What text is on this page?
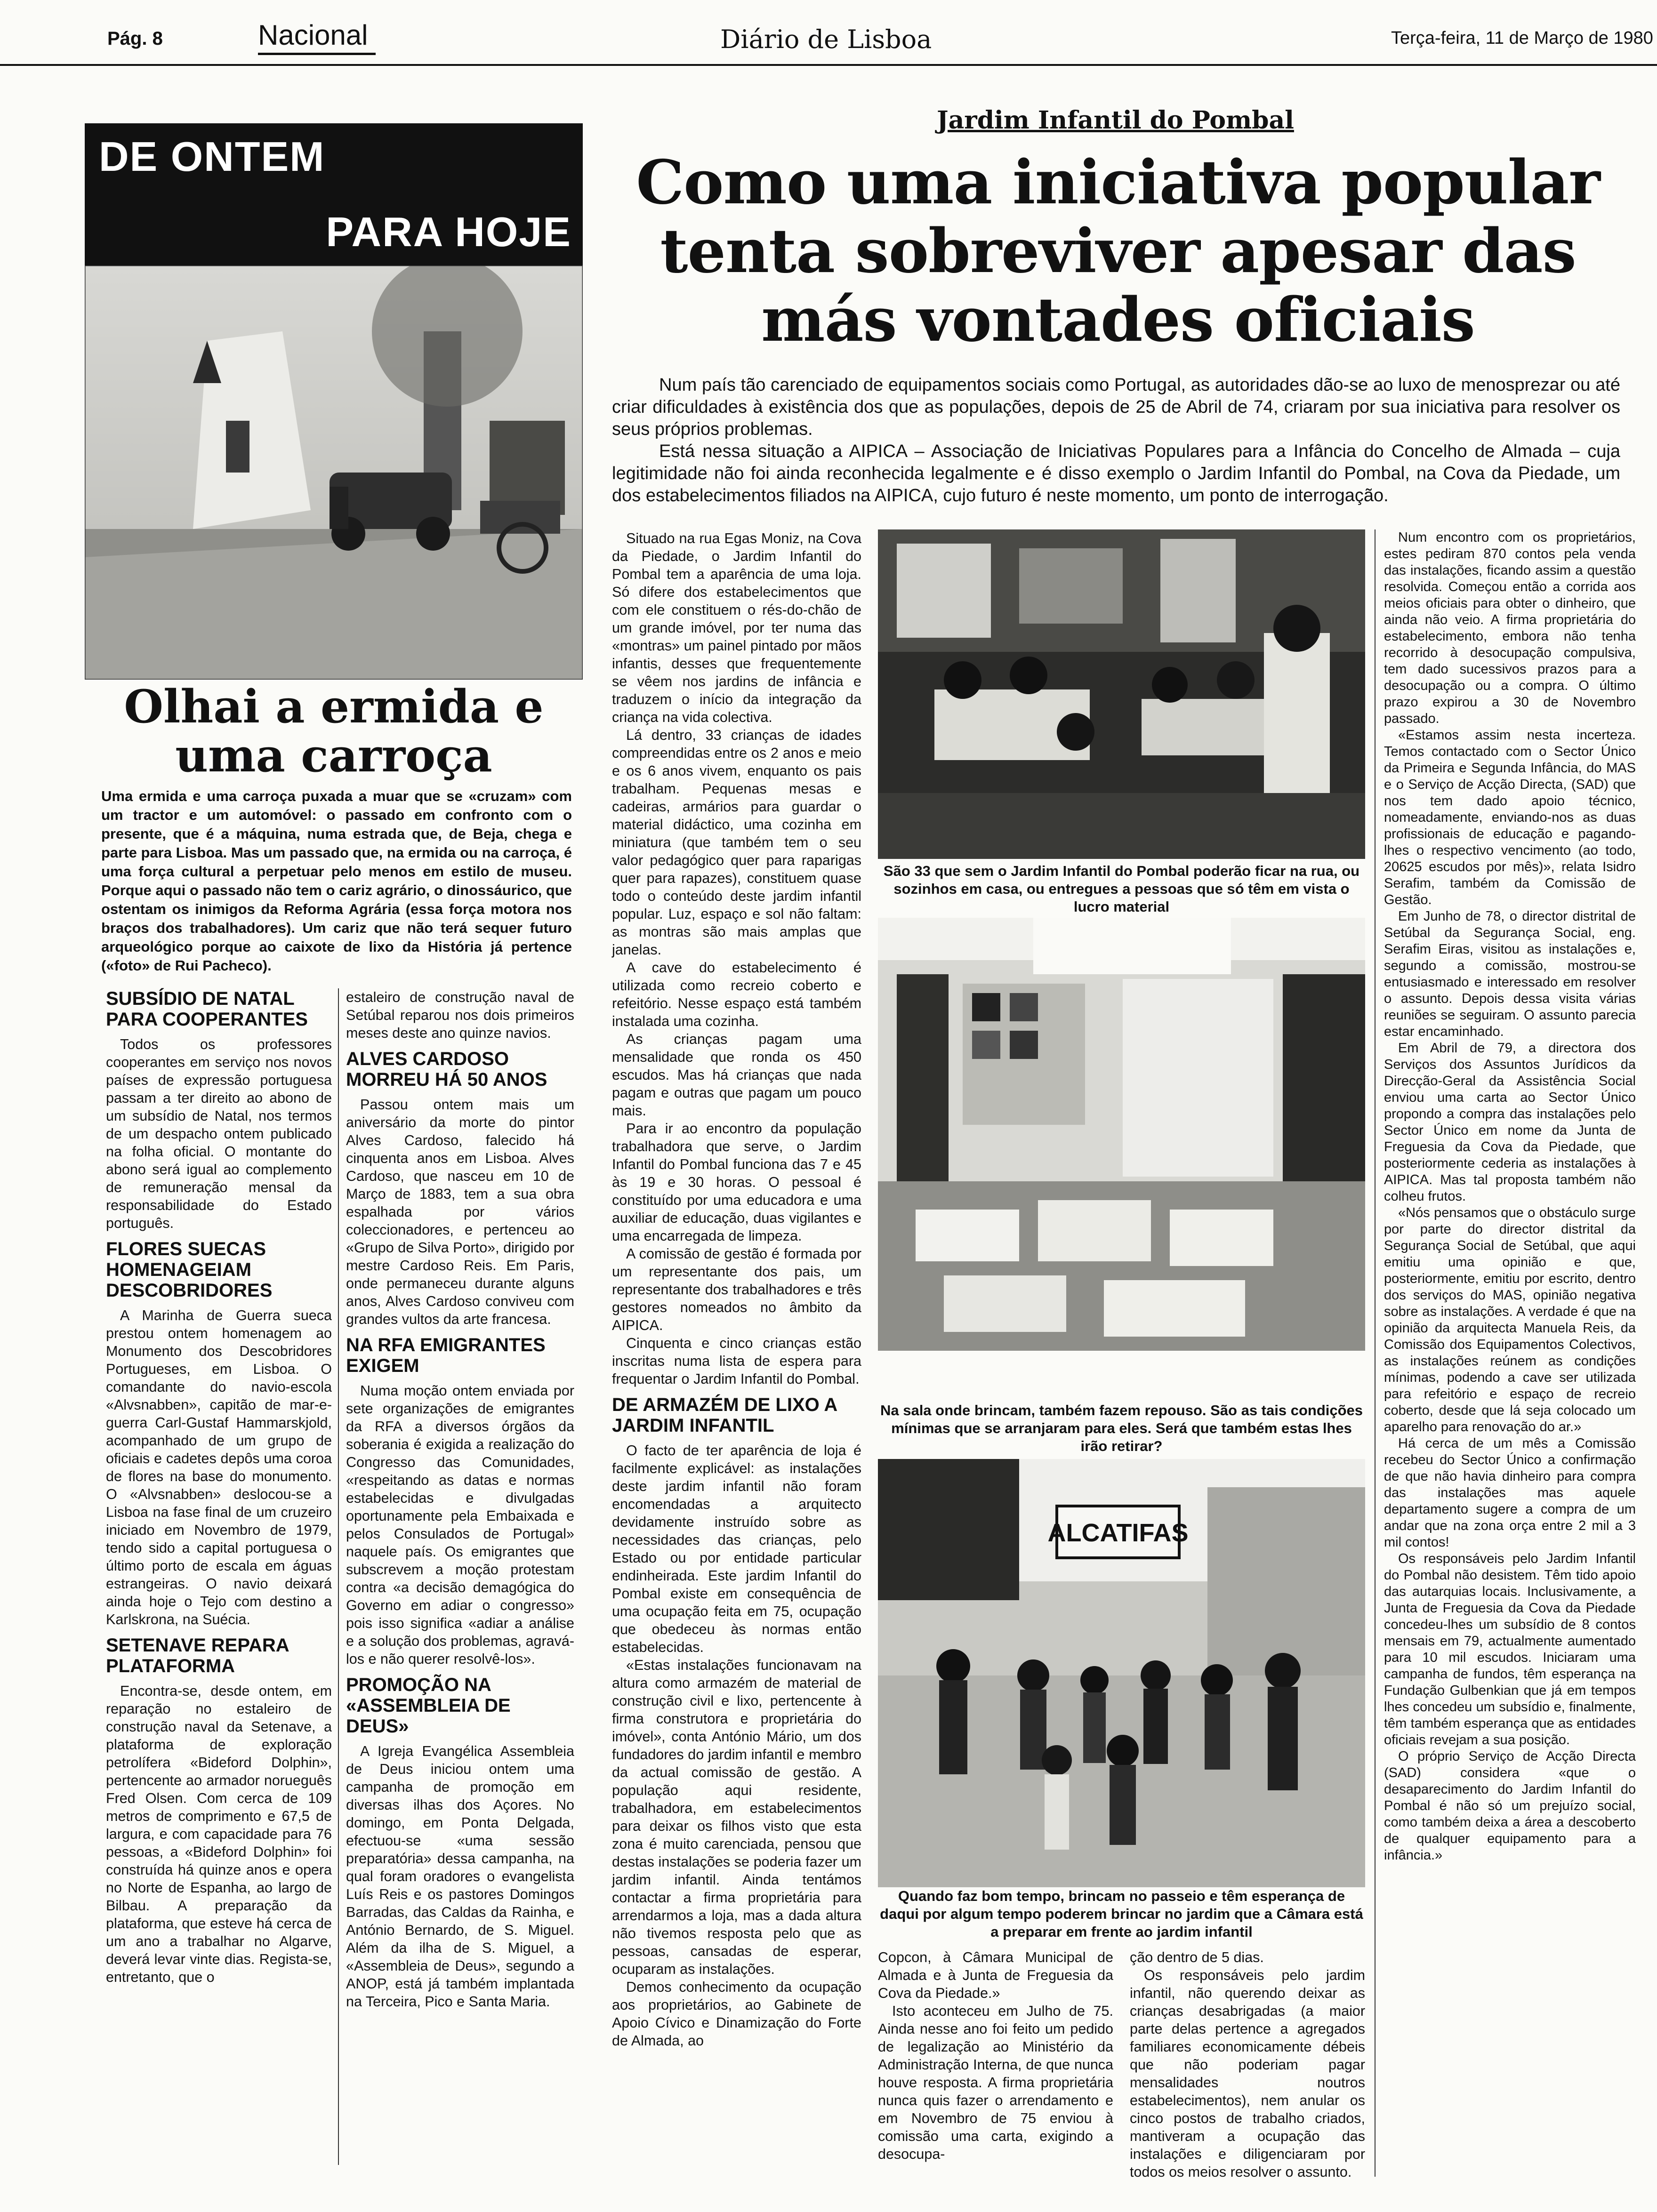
Pág. 8	Nacional	Diário de Lisboa	Terça-feira, 11 de Março de 1980
DE ONTEM
PARA HOJE
Olhai a ermida e uma carroça
Uma ermida e uma carroça puxada a muar que se «cruzam» com um tractor e um automóvel: o passado em confronto com o presente, que é a máquina, numa estrada que, de Beja, chega e parte para Lisboa. Mas um passado que, na ermida ou na carroça, é uma força cultural a perpetuar pelo menos em estilo de museu. Porque aqui o passado não tem o cariz agrário, o dinossáurico, que ostentam os inimigos da Reforma Agrária (essa força motora nos braços dos trabalhadores). Um cariz que não terá sequer futuro arqueológico porque ao caixote de lixo da História já pertence («foto» de Rui Pacheco).
SUBSÍDIO DE NATAL PARA COOPERANTES

Todos os professores cooperantes em serviço nos novos países de expressão portuguesa passam a ter direito ao abono de um subsídio de Natal, nos termos de um despacho ontem publicado na folha oficial. O montante do abono será igual ao complemento de remuneração mensal da responsabilidade do Estado português.

FLORES SUECAS HOMENAGEIAM DESCOBRIDORES

A Marinha de Guerra sueca prestou ontem homenagem ao Monumento dos Descobridores Portugueses, em Lisboa. O comandante do navio-escola «Alvsnabben», capitão de mar-e-guerra Carl-Gustaf Hammarskjold, acompanhado de um grupo de oficiais e cadetes depôs uma coroa de flores na base do monumento. O «Alvsnabben» deslocou-se a Lisboa na fase final de um cruzeiro iniciado em Novembro de 1979, tendo sido a capital portuguesa o último porto de escala em águas estrangeiras. O navio deixará ainda hoje o Tejo com destino a Karlskrona, na Suécia.

SETENAVE REPARA PLATAFORMA

Encontra-se, desde ontem, em reparação no estaleiro de construção naval da Setenave, a plataforma de exploração petrolífera «Bideford Dolphin», pertencente ao armador norueguês Fred Olsen. Com cerca de 109 metros de comprimento e 67,5 de largura, e com capacidade para 76 pessoas, a «Bideford Dolphin» foi construída há quinze anos e opera no Norte de Espanha, ao largo de Bilbau. A preparação da plataforma, que esteve há cerca de um ano a trabalhar no Algarve, deverá levar vinte dias. Regista-se, entretanto, que o

estaleiro de construção naval de Setúbal reparou nos dois primeiros meses deste ano quinze navios.

ALVES CARDOSO MORREU HÁ 50 ANOS

Passou ontem mais um aniversário da morte do pintor Alves Cardoso, falecido há cinquenta anos em Lisboa. Alves Cardoso, que nasceu em 10 de Março de 1883, tem a sua obra espalhada por vários coleccionadores, e pertenceu ao «Grupo de Silva Porto», dirigido por mestre Cardoso Reis. Em Paris, onde permaneceu durante alguns anos, Alves Cardoso conviveu com grandes vultos da arte francesa.

NA RFA EMIGRANTES EXIGEM

Numa moção ontem enviada por sete organizações de emigrantes da RFA a diversos órgãos da soberania é exigida a realização do Congresso das Comunidades, «respeitando as datas e normas estabelecidas e divulgadas oportunamente pela Embaixada e pelos Consulados de Portugal» naquele país. Os emigrantes que subscrevem a moção protestam contra «a decisão demagógica do Governo em adiar o congresso» pois isso significa «adiar a análise e a solução dos problemas, agravá-los e não querer resolvê-los».

PROMOÇÃO NA «ASSEMBLEIA DE DEUS»

A Igreja Evangélica Assembleia de Deus iniciou ontem uma campanha de promoção em diversas ilhas dos Açores. No domingo, em Ponta Delgada, efectuou-se «uma sessão preparatória» dessa campanha, na qual foram oradores o evangelista Luís Reis e os pastores Domingos Barradas, das Caldas da Rainha, e António Bernardo, de S. Miguel. Além da ilha de S. Miguel, a «Assembleia de Deus», segundo a ANOP, está já também implantada na Terceira, Pico e Santa Maria.

Jardim Infantil do Pombal
Como uma iniciativa popular tenta sobreviver apesar das más vontades oficiais

Num país tão carenciado de equipamentos sociais como Portugal, as autoridades dão-se ao luxo de menosprezar ou até criar dificuldades à existência dos que as populações, depois de 25 de Abril de 74, criaram por sua iniciativa para resolver os seus próprios problemas.

Está nessa situação a AIPICA – Associação de Iniciativas Populares para a Infância do Concelho de Almada – cuja legitimidade não foi ainda reconhecida legalmente e é disso exemplo o Jardim Infantil do Pombal, na Cova da Piedade, um dos estabelecimentos filiados na AIPICA, cujo futuro é neste momento, um ponto de interrogação.

Situado na rua Egas Moniz, na Cova da Piedade, o Jardim Infantil do Pombal tem a aparência de uma loja. Só difere dos estabelecimentos que com ele constituem o rés-do-chão de um grande imóvel, por ter numa das «montras» um painel pintado por mãos infantis, desses que frequentemente se vêem nos jardins de infância e traduzem o início da integração da criança na vida colectiva.

Lá dentro, 33 crianças de idades compreendidas entre os 2 anos e meio e os 6 anos vivem, enquanto os pais trabalham. Pequenas mesas e cadeiras, armários para guardar o material didáctico, uma cozinha em miniatura (que também tem o seu valor pedagógico quer para raparigas quer para rapazes), constituem quase todo o conteúdo deste jardim infantil popular. Luz, espaço e sol não faltam: as montras são mais amplas que janelas.

A cave do estabelecimento é utilizada como recreio coberto e refeitório. Nesse espaço está também instalada uma cozinha.

As crianças pagam uma mensalidade que ronda os 450 escudos. Mas há crianças que nada pagam e outras que pagam um pouco mais.

Para ir ao encontro da população trabalhadora que serve, o Jardim Infantil do Pombal funciona das 7 e 45 às 19 e 30 horas. O pessoal é constituído por uma educadora e uma auxiliar de educação, duas vigilantes e uma encarregada de limpeza.

A comissão de gestão é formada por um representante dos pais, um representante dos trabalhadores e três gestores nomeados no âmbito da AIPICA.

Cinquenta e cinco crianças estão inscritas numa lista de espera para frequentar o Jardim Infantil do Pombal.

DE ARMAZÉM DE LIXO A JARDIM INFANTIL

O facto de ter aparência de loja é facilmente explicável: as instalações deste jardim infantil não foram encomendadas a arquitecto devidamente instruído sobre as necessidades das crianças, pelo Estado ou por entidade particular endinheirada. Este jardim Infantil do Pombal existe em consequência de uma ocupação feita em 75, ocupação que obedeceu às normas então estabelecidas.

«Estas instalações funcionavam na altura como armazém de material de construção civil e lixo, pertencente à firma construtora e proprietária do imóvel», conta António Mário, um dos fundadores do jardim infantil e membro da actual comissão de gestão. A população aqui residente, trabalhadora, em estabelecimentos para deixar os filhos visto que esta zona é muito carenciada, pensou que destas instalações se poderia fazer um jardim infantil. Ainda tentámos contactar a firma proprietária para arrendarmos a loja, mas a dada altura não tivemos resposta pelo que as pessoas, cansadas de esperar, ocuparam as instalações.

Demos conhecimento da ocupação aos proprietários, ao Gabinete de Apoio Cívico e Dinamização do Forte de Almada, ao

São 33 que sem o Jardim Infantil do Pombal poderão ficar na rua, ou sozinhos em casa, ou entregues a pessoas que só têm em vista o lucro material
Na sala onde brincam, também fazem repouso. São as tais condições mínimas que se arranjaram para eles. Será que também estas lhes irão retirar?
ALCATIFAS
Quando faz bom tempo, brincam no passeio e têm esperança de daqui por algum tempo poderem brincar no jardim que a Câmara está a preparar em frente ao jardim infantil

Copcon, à Câmara Municipal de Almada e à Junta de Freguesia da Cova da Piedade.»

Isto aconteceu em Julho de 75. Ainda nesse ano foi feito um pedido de legalização ao Ministério da Administração Interna, de que nunca houve resposta. A firma proprietária nunca quis fazer o arrendamento e em Novembro de 75 enviou à comissão uma carta, exigindo a desocupa-

ção dentro de 5 dias.

Os responsáveis pelo jardim infantil, não querendo deixar as crianças desabrigadas (a maior parte delas pertence a agregados familiares economicamente débeis que não poderiam pagar mensalidades noutros estabelecimentos), nem anular os cinco postos de trabalho criados, mantiveram a ocupação das instalações e diligenciaram por todos os meios resolver o assunto.

Num encontro com os proprietários, estes pediram 870 contos pela venda das instalações, ficando assim a questão resolvida. Começou então a corrida aos meios oficiais para obter o dinheiro, que ainda não veio. A firma proprietária do estabelecimento, embora não tenha recorrido à desocupação compulsiva, tem dado sucessivos prazos para a desocupação ou a compra. O último prazo expirou a 30 de Novembro passado.

«Estamos assim nesta incerteza. Temos contactado com o Sector Único da Primeira e Segunda Infância, do MAS e o Serviço de Acção Directa, (SAD) que nos tem dado apoio técnico, nomeadamente, enviando-nos as duas profissionais de educação e pagando-lhes o respectivo vencimento (ao todo, 20625 escudos por mês)», relata Isidro Serafim, também da Comissão de Gestão.

Em Junho de 78, o director distrital de Setúbal da Segurança Social, eng. Serafim Eiras, visitou as instalações e, segundo a comissão, mostrou-se entusiasmado e interessado em resolver o assunto. Depois dessa visita várias reuniões se seguiram. O assunto parecia estar encaminhado.

Em Abril de 79, a directora dos Serviços dos Assuntos Jurídicos da Direcção-Geral da Assistência Social enviou uma carta ao Sector Único propondo a compra das instalações pelo Sector Único em nome da Junta de Freguesia da Cova da Piedade, que posteriormente cederia as instalações à AIPICA. Mas tal proposta também não colheu frutos.

«Nós pensamos que o obstáculo surge por parte do director distrital da Segurança Social de Setúbal, que aqui emitiu uma opinião e que, posteriormente, emitiu por escrito, dentro dos serviços do MAS, opinião negativa sobre as instalações. A verdade é que na opinião da arquitecta Manuela Reis, da Comissão dos Equipamentos Colectivos, as instalações reúnem as condições mínimas, podendo a cave ser utilizada para refeitório e espaço de recreio coberto, desde que lá seja colocado um aparelho para renovação do ar.»

Há cerca de um mês a Comissão recebeu do Sector Único a confirmação de que não havia dinheiro para compra das instalações mas aquele departamento sugere a compra de um andar que na zona orça entre 2 mil a 3 mil contos!

Os responsáveis pelo Jardim Infantil do Pombal não desistem. Têm tido apoio das autarquias locais. Inclusivamente, a Junta de Freguesia da Cova da Piedade concedeu-lhes um subsídio de 8 contos mensais em 79, actualmente aumentado para 10 mil escudos. Iniciaram uma campanha de fundos, têm esperança na Fundação Gulbenkian que já em tempos lhes concedeu um subsídio e, finalmente, têm também esperança que as entidades oficiais revejam a sua posição.

O próprio Serviço de Acção Directa (SAD) considera «que o desaparecimento do Jardim Infantil do Pombal é não só um prejuízo social, como também deixa a área a descoberto de qualquer equipamento para a infância.»
